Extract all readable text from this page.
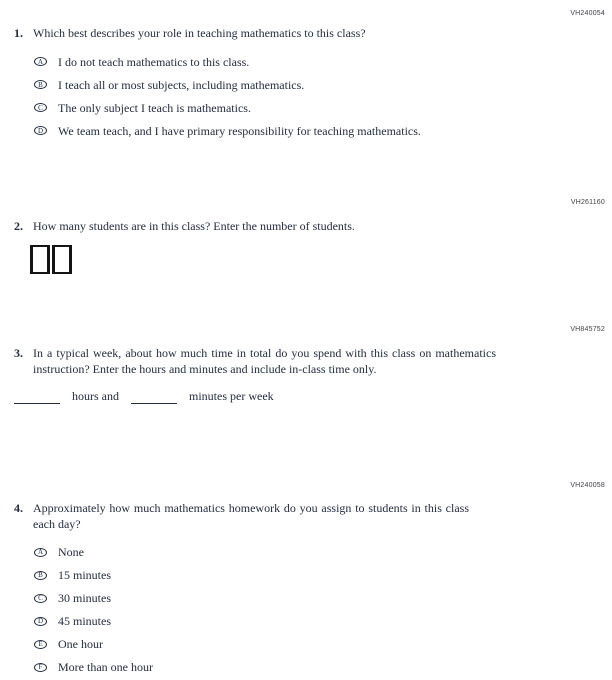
VH240054
VH261160
VH845752
VH240058
1. Which best describes your role in teaching mathematics to this class?
A	I do not teach mathematics to this class.
B	I teach all or most subjects, including mathematics.
C	The only subject I teach is mathematics.
D	We team teach, and I have primary responsibility for teaching mathematics.
2. How many students are in this class? Enter the number of students.
3. In a typical week, about how much time in total do you spend with this class on mathematics instruction? Enter the hours and minutes and include in-class time only.
hours and	minutes per week
4. Approximately how much mathematics homework do you assign to students in this class each day?
A	None
B	15 minutes
C	30 minutes
D	45 minutes
E	One hour
F	More than one hour
